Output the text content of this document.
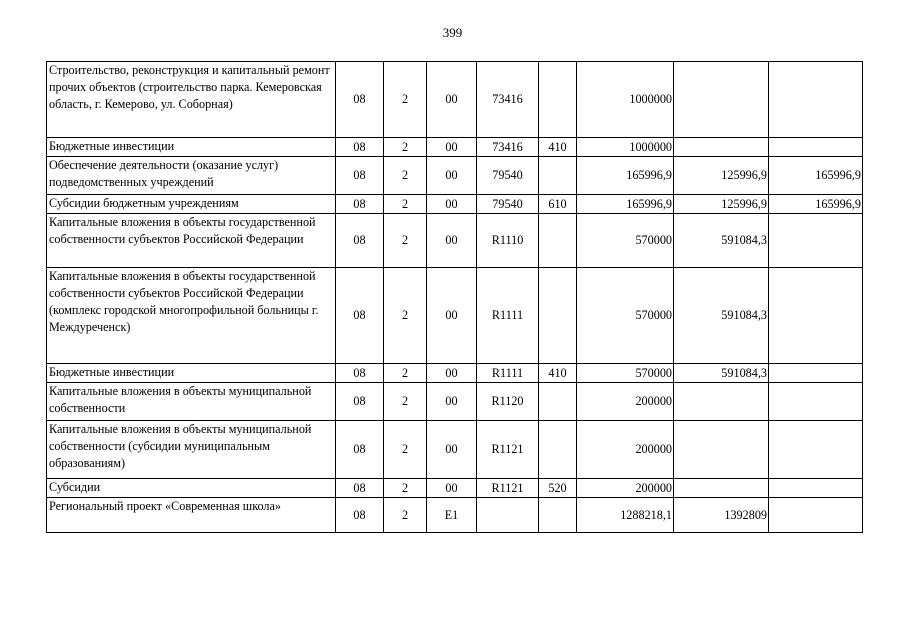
399
Строительство, реконструкция и капитальный ремонт прочих объектов (строительство парка. Кемеровская область, г. Кемерово, ул. Соборная)	08	2	00	73416		1000000		
Бюджетные инвестиции	08	2	00	73416	410	1000000		
Обеспечение деятельности (оказание услуг) подведомственных учреждений	08	2	00	79540		165996,9	125996,9	165996,9
Субсидии бюджетным учреждениям	08	2	00	79540	610	165996,9	125996,9	165996,9
Капитальные вложения в объекты государственной собственности субъектов Российской Федерации	08	2	00	R1110		570000	591084,3	
Капитальные вложения в объекты государственной собственности субъектов Российской Федерации (комплекс городской многопрофильной больницы г. Междуреченск)	08	2	00	R1111		570000	591084,3	
Бюджетные инвестиции	08	2	00	R1111	410	570000	591084,3	
Капитальные вложения в объекты муниципальной собственности	08	2	00	R1120		200000		
Капитальные вложения в объекты муниципальной собственности (субсидии муниципальным образованиям)	08	2	00	R1121		200000		
Субсидии	08	2	00	R1121	520	200000		
Региональный проект «Современная школа»	08	2	E1			1288218,1	1392809	
